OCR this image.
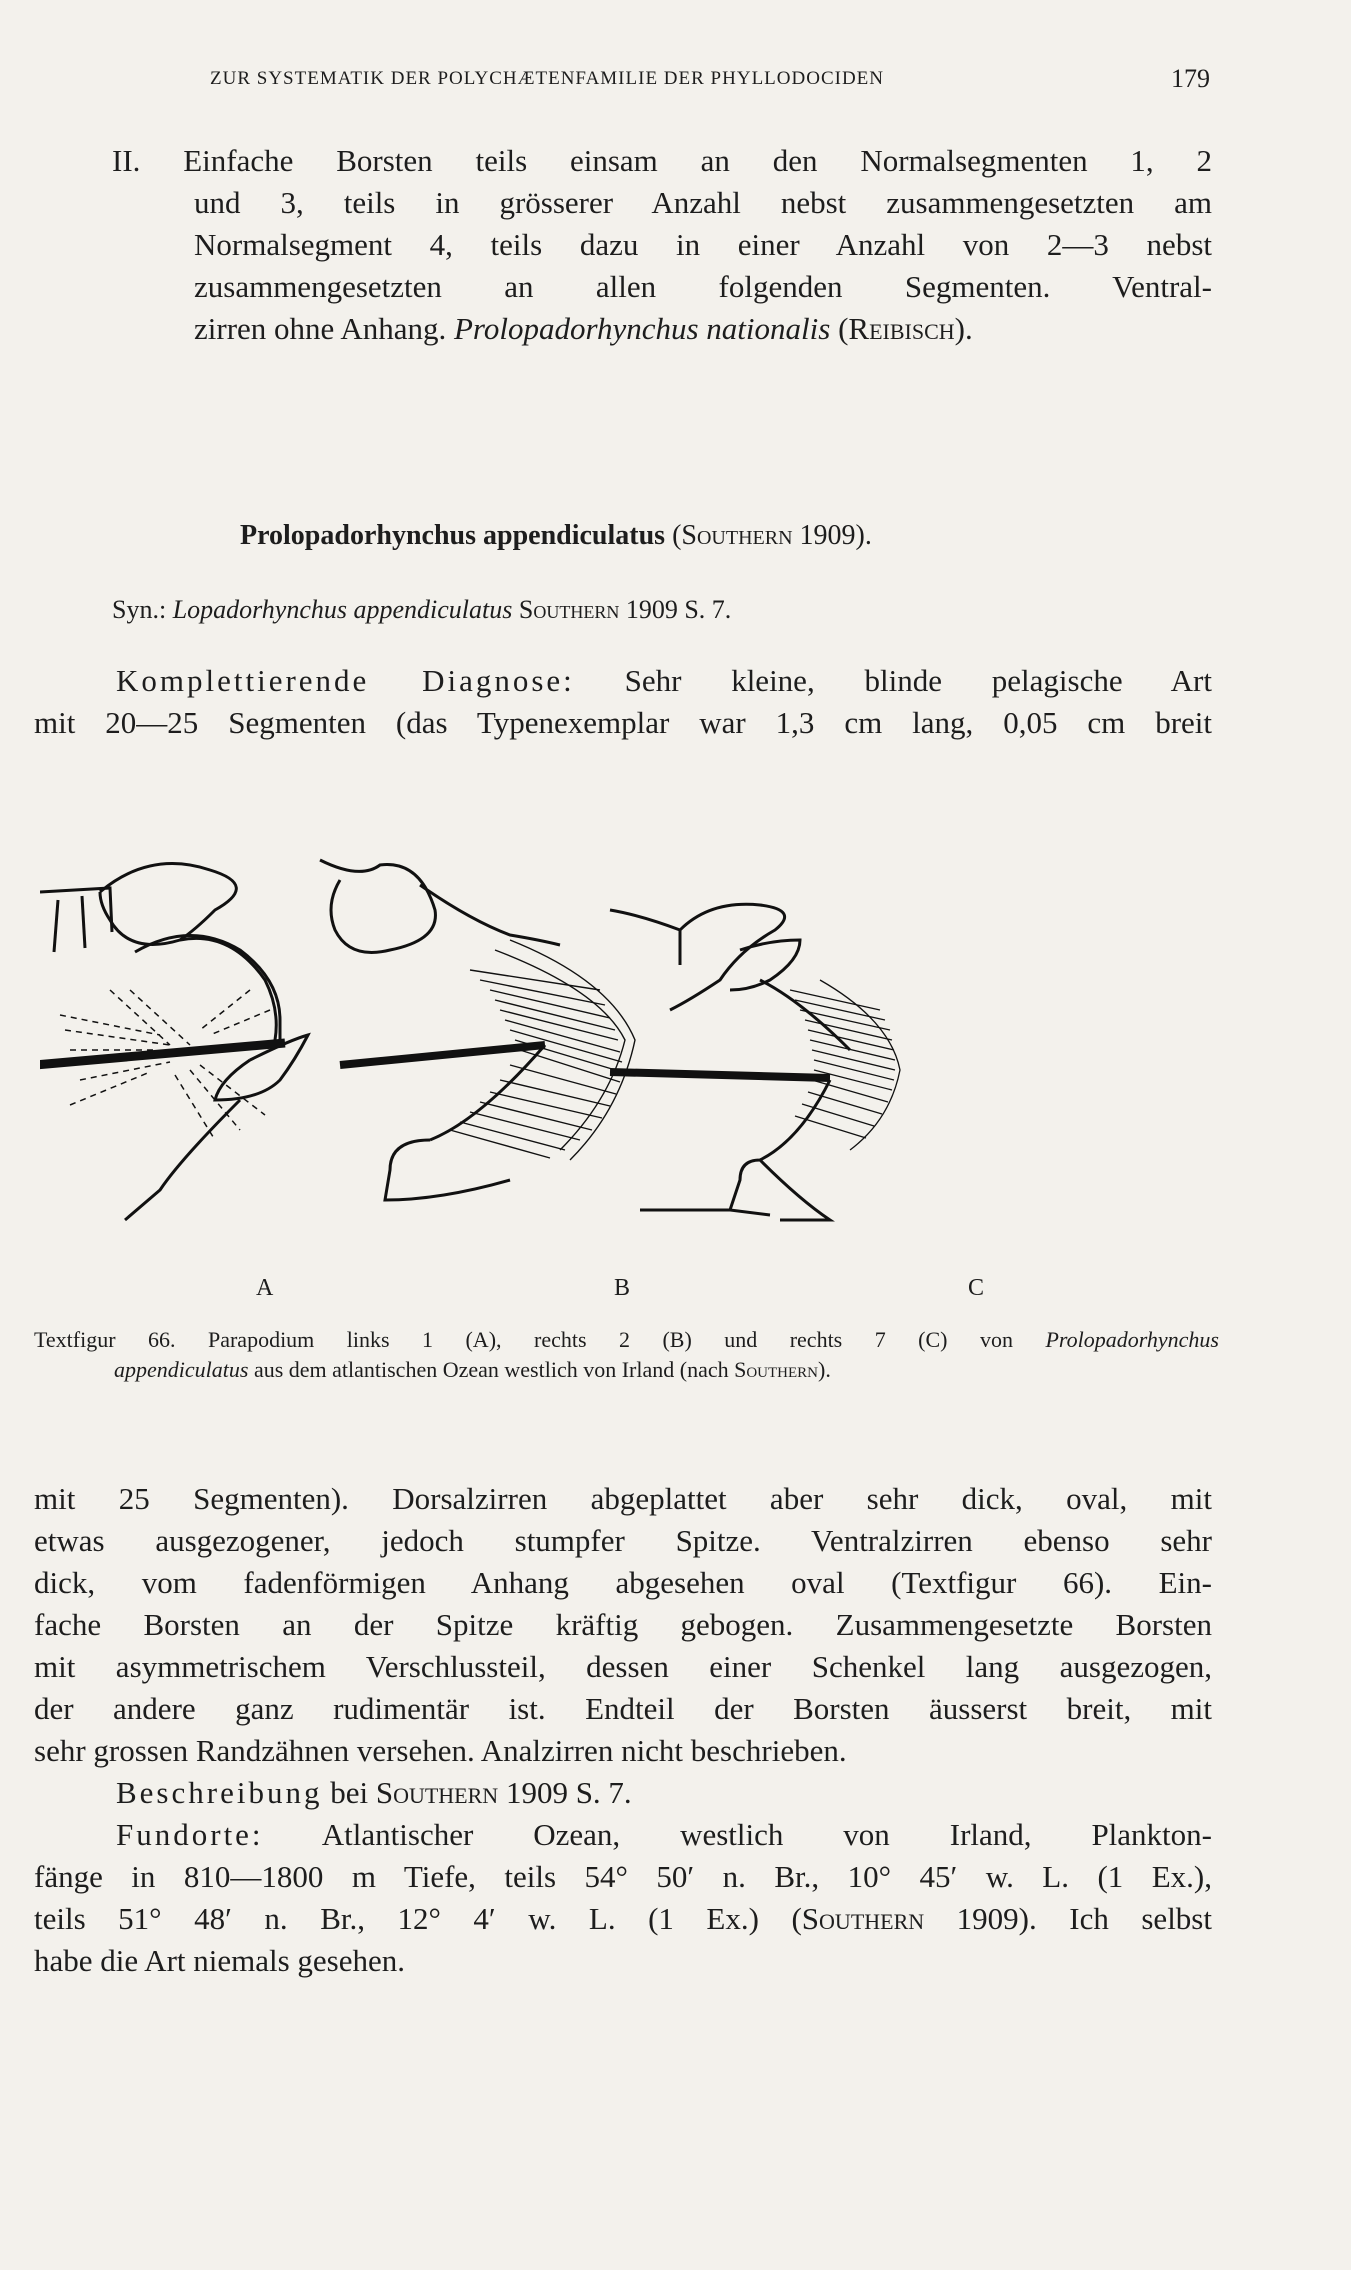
ZUR SYSTEMATIK DER POLYCHÆTENFAMILIE DER PHYLLODOCIDEN	179
II. Einfache Borsten teils einsam an den Normalsegmenten 1, 2
und 3, teils in grösserer Anzahl nebst zusammengesetzten am
Normalsegment 4, teils dazu in einer Anzahl von 2—3 nebst
zusammengesetzten an allen folgenden Segmenten. Ventral-
zirren ohne Anhang. Prolopadorhynchus nationalis (Reibisch).
Prolopadorhynchus appendiculatus (Southern 1909).
Syn.: Lopadorhynchus appendiculatus Southern 1909 S. 7.
Komplettierende Diagnose: Sehr kleine, blinde pelagische Art
mit 20—25 Segmenten (das Typenexemplar war 1,3 cm lang, 0,05 cm breit
A	B	C
Textfigur 66. Parapodium links 1 (A), rechts 2 (B) und rechts 7 (C) von Prolopadorhynchus
appendiculatus aus dem atlantischen Ozean westlich von Irland (nach Southern).
mit 25 Segmenten). Dorsalzirren abgeplattet aber sehr dick, oval, mit
etwas ausgezogener, jedoch stumpfer Spitze. Ventralzirren ebenso sehr
dick, vom fadenförmigen Anhang abgesehen oval (Textfigur 66). Ein-
fache Borsten an der Spitze kräftig gebogen. Zusammengesetzte Borsten
mit asymmetrischem Verschlussteil, dessen einer Schenkel lang ausgezogen,
der andere ganz rudimentär ist. Endteil der Borsten äusserst breit, mit
sehr grossen Randzähnen versehen. Analzirren nicht beschrieben.
Beschreibung bei Southern 1909 S. 7.
Fundorte: Atlantischer Ozean, westlich von Irland, Plankton-
fänge in 810—1800 m Tiefe, teils 54° 50′ n. Br., 10° 45′ w. L. (1 Ex.),
teils 51° 48′ n. Br., 12° 4′ w. L. (1 Ex.) (Southern 1909). Ich selbst
habe die Art niemals gesehen.
